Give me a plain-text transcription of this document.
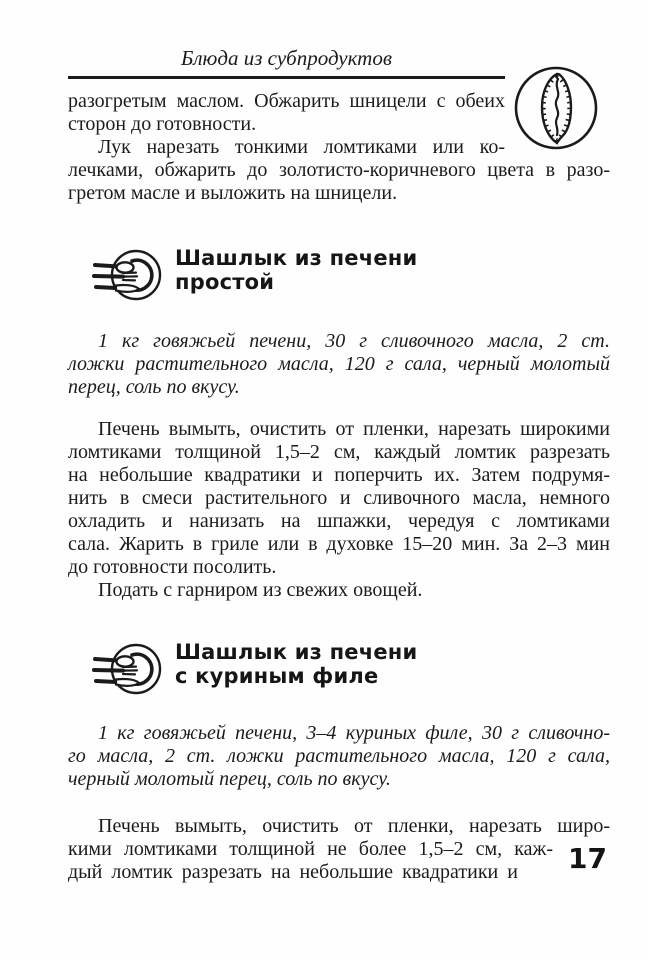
Блюда из субпродуктов
разогретым маслом. Обжарить шницели с обеих
сторон до готовности.
Лук нарезать тонкими ломтиками или ко-
лечками, обжарить до золотисто-коричневого цвета в разо-
гретом масле и выложить на шницели.
Шашлык из печени
простой
1 кг говяжьей печени, 30 г сливочного масла, 2 ст.
ложки растительного масла, 120 г сала, черный молотый
перец, соль по вкусу.
Печень вымыть, очистить от пленки, нарезать широкими
ломтиками толщиной 1,5–2 см, каждый ломтик разрезать
на небольшие квадратики и поперчить их. Затем подрумя-
нить в смеси растительного и сливочного масла, немного
охладить и нанизать на шпажки, чередуя с ломтиками
сала. Жарить в гриле или в духовке 15–20 мин. За 2–3 мин
до готовности посолить.
Подать с гарниром из свежих овощей.
Шашлык из печени
с куриным филе
1 кг говяжьей печени, 3–4 куриных филе, 30 г сливочно-
го масла, 2 ст. ложки растительного масла, 120 г сала,
черный молотый перец, соль по вкусу.
Печень вымыть, очистить от пленки, нарезать широ-
кими ломтиками толщиной не более 1,5–2 см, каж-
дый ломтик разрезать на небольшие квадратики и 17
